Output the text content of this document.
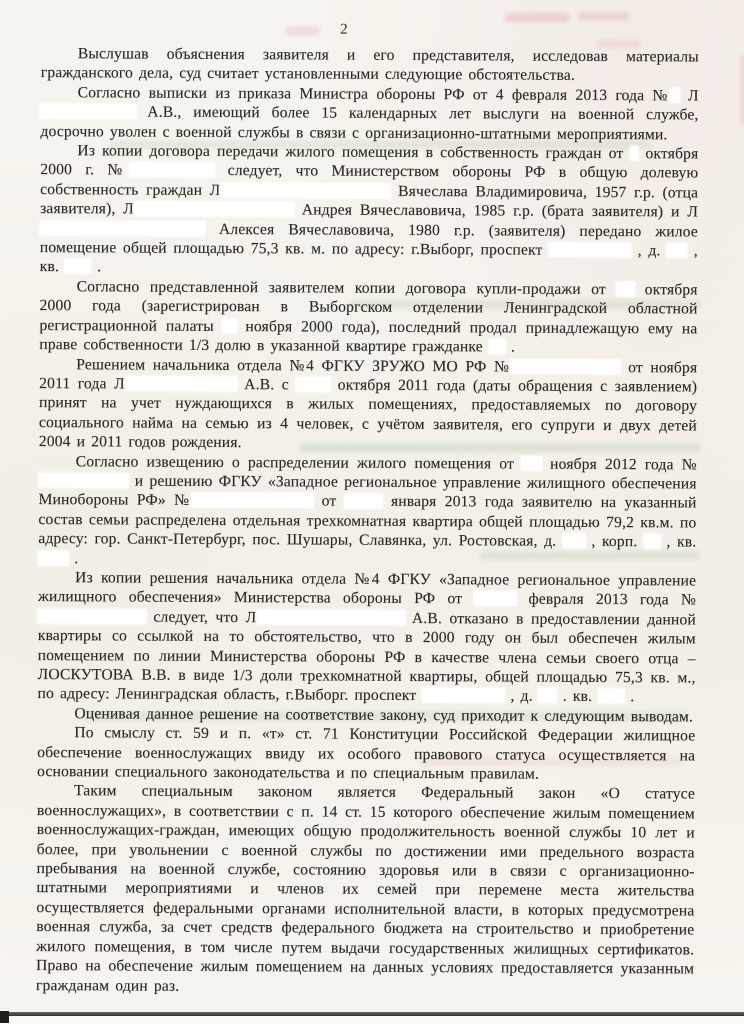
2

Выслушав объяснения заявителя и его представителя, исследовав материалы гражданского дела, суд считает установленными следующие обстоятельства.

Согласно выписки из приказа Министра обороны РФ от 4 февраля 2013 года № Л А.В., имеющий более 15 календарных лет выслуги на военной службе, досрочно уволен с военной службы в связи с организационно-штатными мероприятиями.

Из копии договора передачи жилого помещения в собственность граждан от  октября 2000 г. №	следует, что Министерством обороны РФ в общую долевую собственность граждан Л	Вячеслава Владимировича, 1957 г.р. (отца заявителя), Л	Андрея Вячеславовича, 1985 г.р. (брата заявителя) и Л Алексея Вячеславовича, 1980 г.р. (заявителя) передано жилое помещение общей площадью 75,3 кв. м. по адресу: г.Выборг, проспект	, д.  , кв.  .

Согласно представленной заявителем копии договора купли-продажи от  октября 2000 года (зарегистрирован в Выборгском отделении Ленинградской областной регистрационной палаты  ноября 2000 года), последний продал принадлежащую ему на праве собственности 1/3 долю в указанной квартире гражданке  .

Решением начальника отдела №4 ФГКУ ЗРУЖО МО РФ №	от ноября 2011 года Л	А.В. с  октября 2011 года (даты обращения с заявлением) принят на учет нуждающихся в жилых помещениях, предоставляемых по договору социального найма на семью из 4 человек, с учётом заявителя, его супруги и двух детей 2004 и 2011 годов рождения.

Согласно извещению о распределении жилого помещения от  ноября 2012 года № и решению ФГКУ «Западное региональное управление жилищного обеспечения Минобороны РФ» №	от  января 2013 года заявителю на указанный состав семьи распределена отдельная трехкомнатная квартира общей площадью 79,2 кв.м. по адресу: гор. Санкт-Петербург, пос. Шушары, Славянка, ул. Ростовская, д.  , корп.  , кв.  .

Из копии решения начальника отдела №4 ФГКУ «Западное региональное управление жилищного обеспечения» Министерства обороны РФ от	февраля 2013 года № следует, что Л	А.В. отказано в предоставлении данной квартиры со ссылкой на то обстоятельство, что в 2000 году он был обеспечен жилым помещением по линии Министерства обороны РФ в качестве члена семьи своего отца – ЛОСКУТОВА В.В. в виде 1/3 доли трехкомнатной квартиры, общей площадью 75,3 кв. м., по адресу: Ленинградская область, г.Выборг. проспект	, д.  . кв.  .

Оценивая данное решение на соответствие закону, суд приходит к следующим выводам.

По смыслу ст. 59 и п. «т» ст. 71 Конституции Российской Федерации жилищное обеспечение военнослужащих ввиду их особого правового статуса осуществляется на основании специального законодательства и по специальным правилам.

Таким специальным законом является Федеральный закон «О статусе военнослужащих», в соответствии с п. 14 ст. 15 которого обеспечение жилым помещением военнослужащих-граждан, имеющих общую продолжительность военной службы 10 лет и более, при увольнении с военной службы по достижении ими предельного возраста пребывания на военной службе, состоянию здоровья или в связи с организационно-штатными мероприятиями и членов их семей при перемене места жительства осуществляется федеральными органами исполнительной власти, в которых предусмотрена военная служба, за счет средств федерального бюджета на строительство и приобретение жилого помещения, в том числе путем выдачи государственных жилищных сертификатов. Право на обеспечение жилым помещением на данных условиях предоставляется указанным гражданам один раз.
